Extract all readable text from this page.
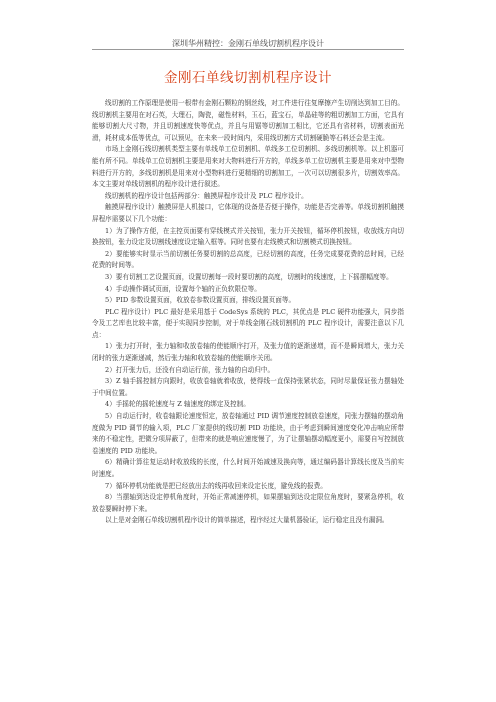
深圳华州精控：金刚石单线切割机程序设计
金刚石单线切割机程序设计

线切割的工作原理是使用一根带有金刚石颗粒的钢丝线，对工件进行往复摩擦产生切削达到加工目的。线切割机主要用在对石英，大理石，陶瓷，磁性材料，玉石，蓝宝石，单晶硅等的粗切割加工方面，它具有能够切割大尺寸物，并且切割速度快等优点，并且与用锯等切割加工相比，它还具有省材料，切割表面光滑，耗材成本低等优点，可以预见，在未来一段时间内，采用线切割方式切割硬脆等石料还会是主流。

市场上金刚石线切割机类型主要有单线单工位切割机、单线多工位切割机、多线切割机等。以上机器可能有所不同。单线单工位切割机主要是用来对大物料进行开方的，单线多单工位切割机主要是用来对中型物料进行开方的，多线切割机是用来对小型物料进行更精细的切割加工，一次可以切割很多片，切割效率高。本文主要对单线切割机的程序设计进行叙述。

线切割机的程序设计包括两部分：触摸屏程序设计及 PLC 程序设计。

触摸屏程序设计）触摸屏是人机接口，它体现的设备是否便于操作，功能是否完善等。单线切割机触摸屏程序需要以下几个功能：

1）为了操作方便，在主控页面要有穿线模式并关按钮，张力开关按钮，循环停机按钮，收放线方向切换按钮，张力设定及切割线速度设定输入框等。同时也要有走线模式和切割模式切换按钮。

2）要能够实时显示当前切割任务要切割的总高度，已经切割的高度，任务完成要花费的总时间，已经花费的时间等。

3）要有切割工艺设置页面，设置切割每一段时要切割的高度，切割时的线速度，上下摇摆幅度等。

4）手动操作调试页面，设置每个轴的正负软限位等。

5）PID 参数设置页面，收放卷参数设置页面，排线设置页面等。

PLC 程序设计）PLC 最好是采用基于 CodeSys 系统的 PLC，其优点是 PLC 硬件功能强大，同步指令及工艺库也比较丰富，便于实现同步控制，对于单线金刚石线切割机的 PLC 程序设计，需要注意以下几点：

1）张力打开时，张力轴和收放卷轴的使能顺序打开，及张力值的逐渐递增，而不是瞬间增大，张力关闭时的张力逐渐递减，然后张力轴和收放卷轴的使能顺序关闭。

2）打开张力后，还没有自动运行前，张力轴的自动归中。

3）Z 轴手摇控制方向跟时，收放卷轴就着收放，使得线一直保持张紧状态，同时尽量保证张力摆轴处于中间位置。

4）手摇轮的摇轮速度与 Z 轴速度的绑定及控制。

5）自动运行时，收卷轴跟论速度恒定，放卷轴通过 PID 调节速度控制放卷速度，同张力摆轴的摆动角度做为 PID 调节的输入项，PLC 厂家提供的线切割 PID 功能块，由于考虑到瞬间速度变化冲击响应所带来的不稳定性，把微分项屏蔽了，但带来的就是响应速度慢了，为了让摆轴摆动幅度更小，需要自写控制放卷速度的 PID 功能块。

6）精确计算往复运动时收放线的长度，什么时间开始减速及换向等，通过编码器计算线长度及当前实时速度。

7）循环停机功能就是把已经放出去的线再收回来设定长度，避免线的报费。

8）当摆轴到达设定停机角度时，开始正常减速停机，如果摆轴到达设定限位角度时，要紧急停机，收放卷要瞬时停下来。

以上是对金刚石单线切割机程序设计的简单描述，程序经过大量机器验证，运行稳定且没有漏洞。
